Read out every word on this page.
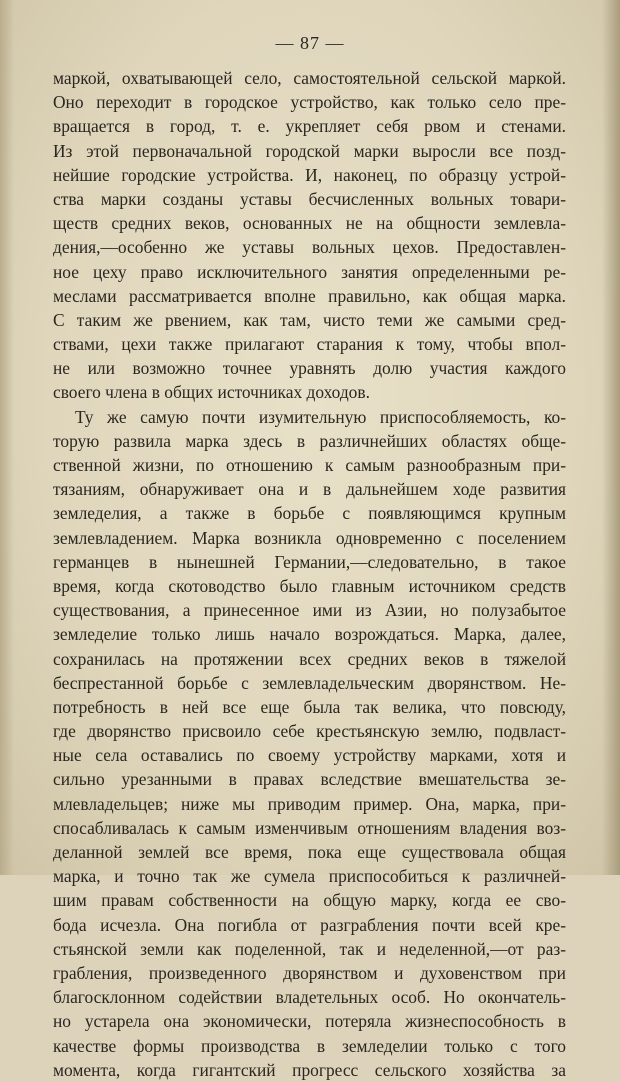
— 87 —
маркой, охватывающей село, самостоятельной сельской маркой.
Оно переходит в городское устройство, как только село пре-
вращается в город, т. е. укрепляет себя рвом и стенами.
Из этой первоначальной городской марки выросли все позд-
нейшие городские устройства. И, наконец, по образцу устрой-
ства марки созданы уставы бесчисленных вольных товари-
ществ средних веков, основанных не на общности землевла-
дения,—особенно же уставы вольных цехов. Предоставлен-
ное цеху право исключительного занятия определенными ре-
меслами рассматривается вполне правильно, как общая марка.
С таким же рвением, как там, чисто теми же самыми сред-
ствами, цехи также прилагают старания к тому, чтобы впол-
не или возможно точнее уравнять долю участия каждого
своего члена в общих источниках доходов.
Ту же самую почти изумительную приспособляемость, ко-
торую развила марка здесь в различнейших областях обще-
ственной жизни, по отношению к самым разнообразным при-
тязаниям, обнаруживает она и в дальнейшем ходе развития
земледелия, а также в борьбе с появляющимся крупным
землевладением. Марка возникла одновременно с поселением
германцев в нынешней Германии,—следовательно, в такое
время, когда скотоводство было главным источником средств
существования, а принесенное ими из Азии, но полузабытое
земледелие только лишь начало возрождаться. Марка, далее,
сохранилась на протяжении всех средних веков в тяжелой
беспрестанной борьбе с землевладельческим дворянством. Не-
потребность в ней все еще была так велика, что повсюду,
где дворянство присвоило себе крестьянскую землю, подвласт-
ные села оставались по своему устройству марками, хотя и
сильно урезанными в правах вследствие вмешательства зе-
млевладельцев; ниже мы приводим пример. Она, марка, при-
спосабливалась к самым изменчивым отношениям владения воз-
деланной землей все время, пока еще существовала общая
марка, и точно так же сумела приспособиться к различней-
шим правам собственности на общую марку, когда ее сво-
бода исчезла. Она погибла от разграбления почти всей кре-
стьянской земли как поделенной, так и неделенной,—от раз-
грабления, произведенного дворянством и духовенством при
благосклонном содействии владетельных особ. Но окончатель-
но устарела она экономически, потеряла жизнеспособность в
качестве формы производства в земледелии только с того
момента, когда гигантский прогресс сельского хозяйства за
